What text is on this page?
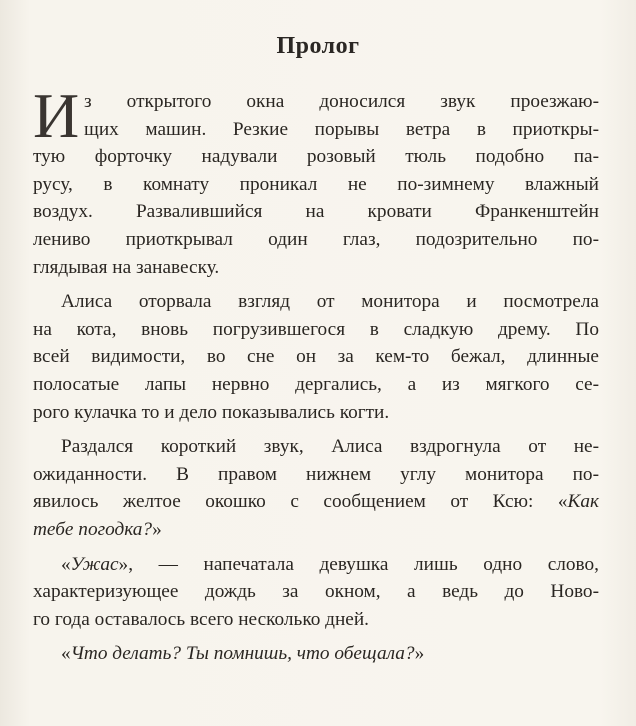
Пролог
И з открытого окна доносился звук проезжаю-
щих машин. Резкие порывы ветра в приоткры-
тую форточку надували розовый тюль подобно па-
русу, в комнату проникал не по-зимнему влажный
воздух. Развалившийся на кровати Франкенштейн
лениво приоткрывал один глаз, подозрительно по-
глядывая на занавеску.
Алиса оторвала взгляд от монитора и посмотрела
на кота, вновь погрузившегося в сладкую дрему. По
всей видимости, во сне он за кем-то бежал, длинные
полосатые лапы нервно дергались, а из мягкого се-
рого кулачка то и дело показывались когти.
Раздался короткий звук, Алиса вздрогнула от не-
ожиданности. В правом нижнем углу монитора по-
явилось желтое окошко с сообщением от Ксю: «Как
тебе погодка?»
«Ужас», — напечатала девушка лишь одно слово,
характеризующее дождь за окном, а ведь до Ново-
го года оставалось всего несколько дней.
«Что делать? Ты помнишь, что обещала?»
